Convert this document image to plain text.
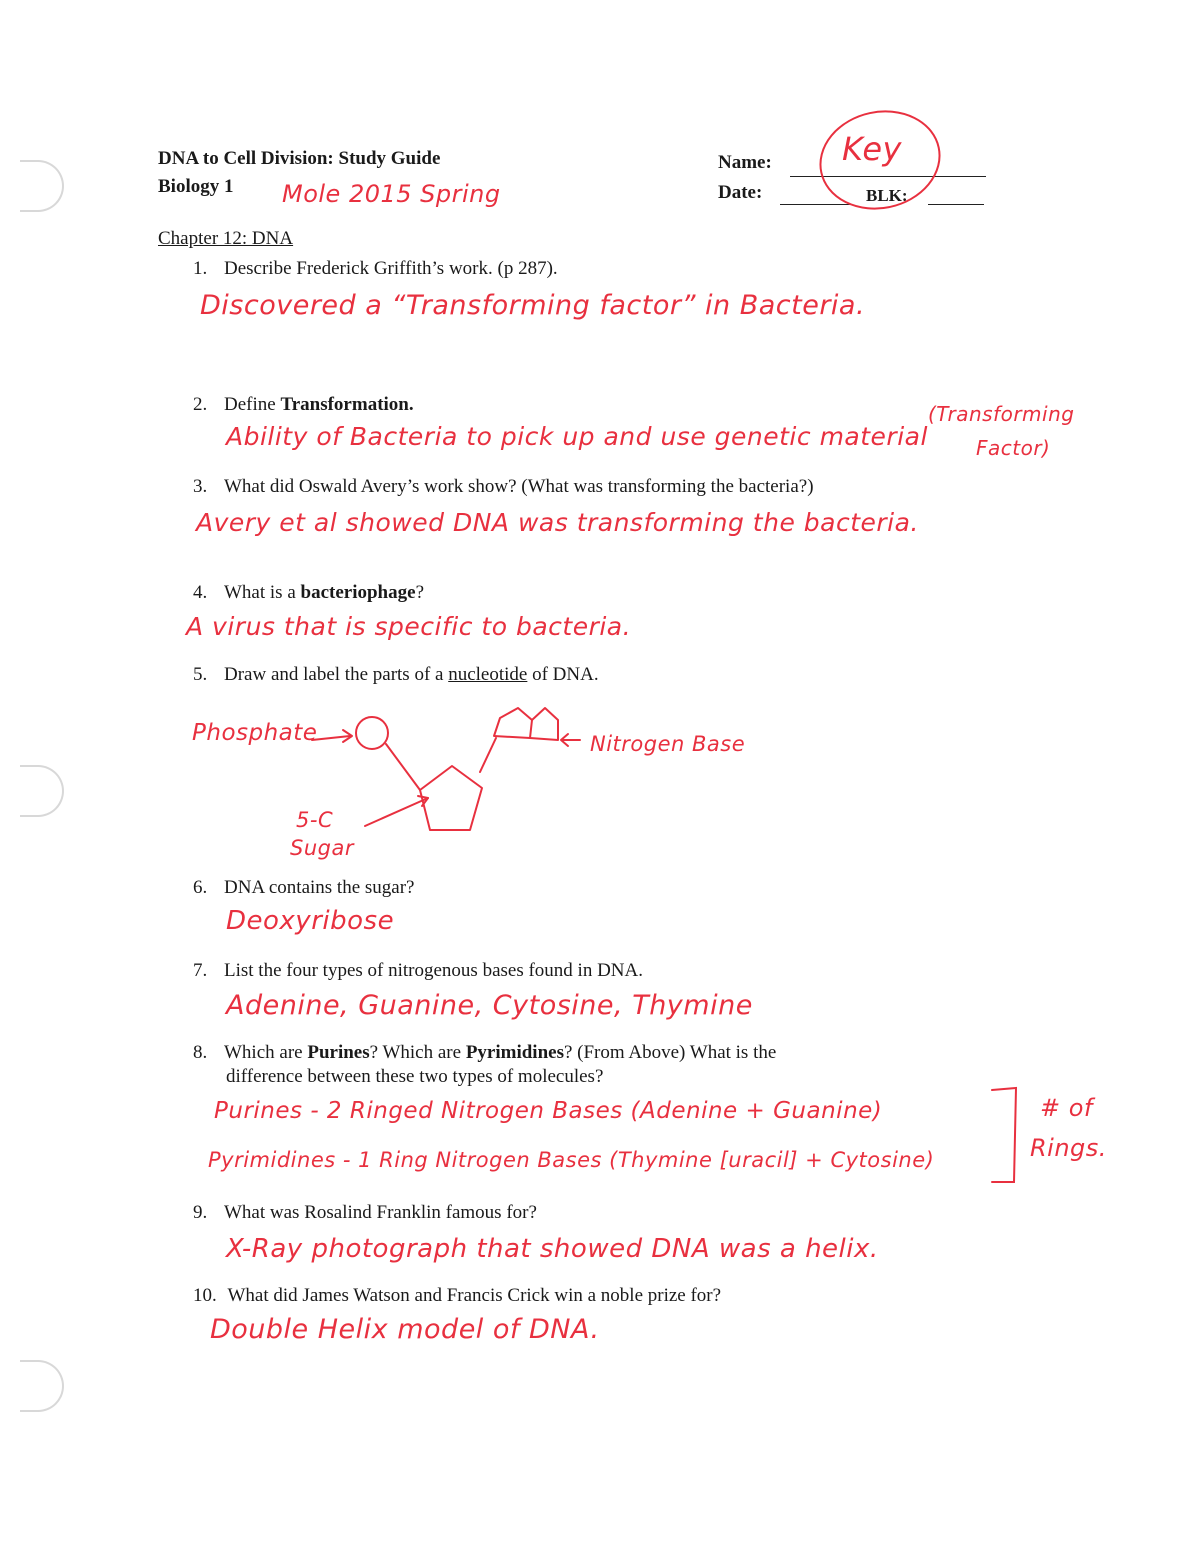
DNA to Cell Division: Study Guide
Biology 1 Mole 2015 Spring
Name: Key
Date:	BLK:
Chapter 12: DNA
1. Describe Frederick Griffith’s work. (p 287).
Discovered a “Transforming factor” in Bacteria.
2. Define Transformation.
Ability of Bacteria to pick up and use genetic material
(Transforming
Factor)
3. What did Oswald Avery’s work show? (What was transforming the bacteria?)
Avery et al showed DNA was transforming the bacteria.
4. What is a bacteriophage?
A virus that is specific to bacteria.
5. Draw and label the parts of a nucleotide of DNA.
Phosphate	Nitrogen Base
5-C
Sugar
6. DNA contains the sugar?
Deoxyribose
7. List the four types of nitrogenous bases found in DNA.
Adenine, Guanine, Cytosine, Thymine
8. Which are Purines? Which are Pyrimidines? (From Above) What is the
difference between these two types of molecules?
Purines - 2 Ringed Nitrogen Bases (Adenine + Guanine)
Pyrimidines - 1 Ring Nitrogen Bases (Thymine [uracil] + Cytosine)
# of
Rings.
9. What was Rosalind Franklin famous for?
X-Ray photograph that showed DNA was a helix.
10. What did James Watson and Francis Crick win a noble prize for?
Double Helix model of DNA.
